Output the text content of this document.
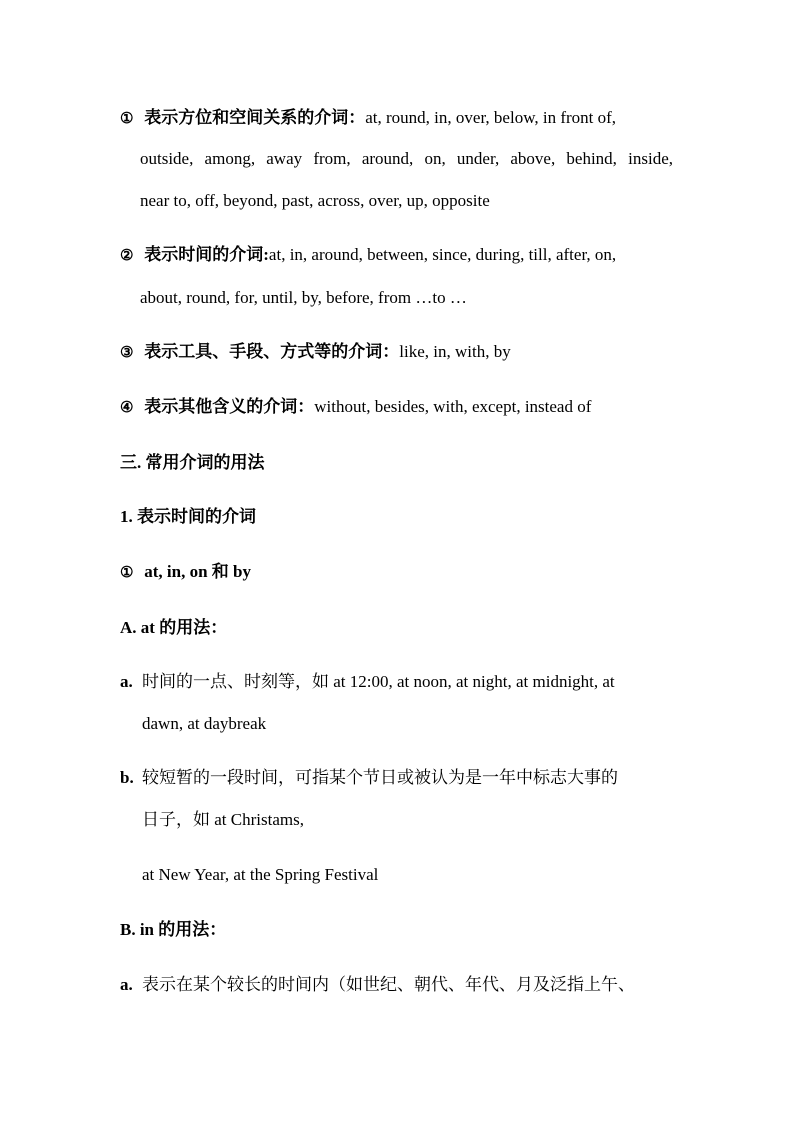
① 表示方位和空间关系的介词：at, round, in, over, below, in front of,
outside, among, away from, around, on, under, above, behind, inside,
near to, off, beyond, past, across, over, up, opposite
② 表示时间的介词:at, in, around, between, since, during, till, after, on,
about, round, for, until, by, before, from …to …
③ 表示工具、手段、方式等的介词：like, in, with, by
④ 表示其他含义的介词：without, besides, with, except, instead of
三. 常用介词的用法
1. 表示时间的介词
① at, in, on 和 by
A. at 的用法：
a. 时间的一点、时刻等，如 at 12:00, at noon, at night, at midnight, at
dawn, at daybreak
b. 较短暂的一段时间，可指某个节日或被认为是一年中标志大事的
日子，如 at Christams,
at New Year, at the Spring Festival
B. in 的用法：
a. 表示在某个较长的时间内（如世纪、朝代、年代、月及泛指上午、
